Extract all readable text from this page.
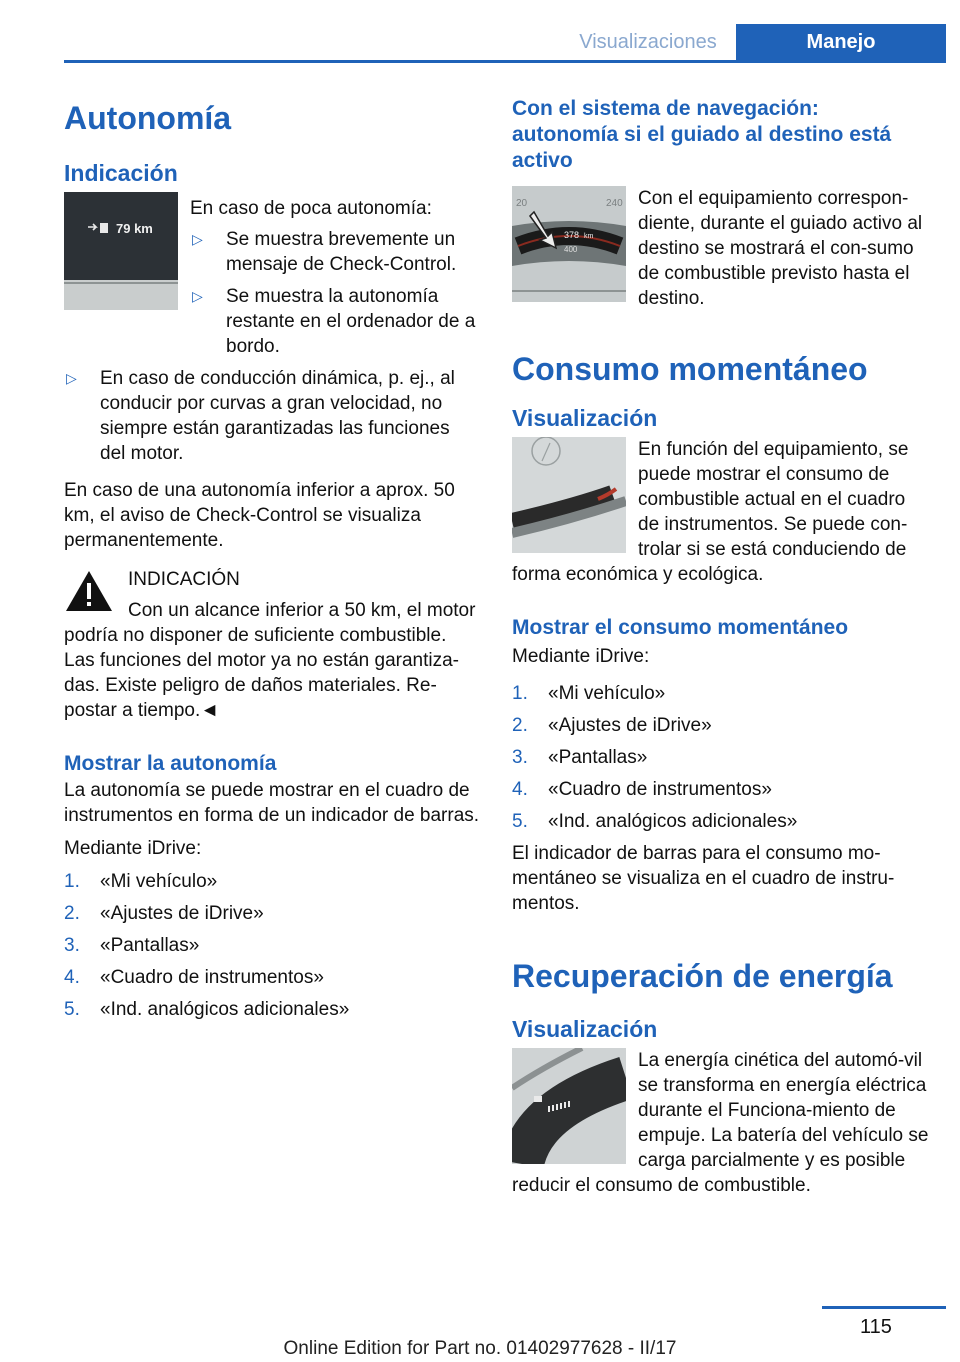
Visualizaciones	Manejo
Autonomía
Indicación
79 km

En caso de poca autonomía:

▷ Se muestra brevemente un mensaje de Check-Control.
▷ Se muestra la autonomía restante en el ordenador de a bordo.
▷ En caso de conducción dinámica, p. ej., al conducir por curvas a gran velocidad, no siempre están garantizadas las funciones del motor.

En caso de una autonomía inferior a aprox. 50 km, el aviso de Check-Control se visualiza permanentemente.

INDICACIÓN

Con un alcance inferior a 50 km, el motor podría no disponer de suficiente combustible. Las funciones del motor ya no están garantiza-das. Existe peligro de daños materiales. Re-postar a tiempo.◄

Mostrar la autonomía

La autonomía se puede mostrar en el cuadro de instrumentos en forma de un indicador de barras.

Mediante iDrive:

1. «Mi vehículo»
2. «Ajustes de iDrive»
3. «Pantallas»
4. «Cuadro de instrumentos»
5. «Ind. analógicos adicionales»
Con el sistema de navegación: autonomía si el guiado al destino está activo
20	240
378 km
400

Con el equipamiento correspon-diente, durante el guiado activo al destino se mostrará el con-sumo de combustible previsto hasta el destino.

Consumo momentáneo
Visualización

En función del equipamiento, se puede mostrar el consumo de combustible actual en el cuadro de instrumentos. Se puede con-trolar si se está conduciendo de forma económica y ecológica.

Mostrar el consumo momentáneo

Mediante iDrive:

1. «Mi vehículo»
2. «Ajustes de iDrive»
3. «Pantallas»
4. «Cuadro de instrumentos»
5. «Ind. analógicos adicionales»

El indicador de barras para el consumo mo-mentáneo se visualiza en el cuadro de instru-mentos.

Recuperación de energía
Visualización

La energía cinética del automó-vil se transforma en energía eléctrica durante el Funciona-miento de empuje. La batería del vehículo se carga parcialmente y es posible reducir el consumo de combustible.

115
Online Edition for Part no. 01402977628 - II/17
